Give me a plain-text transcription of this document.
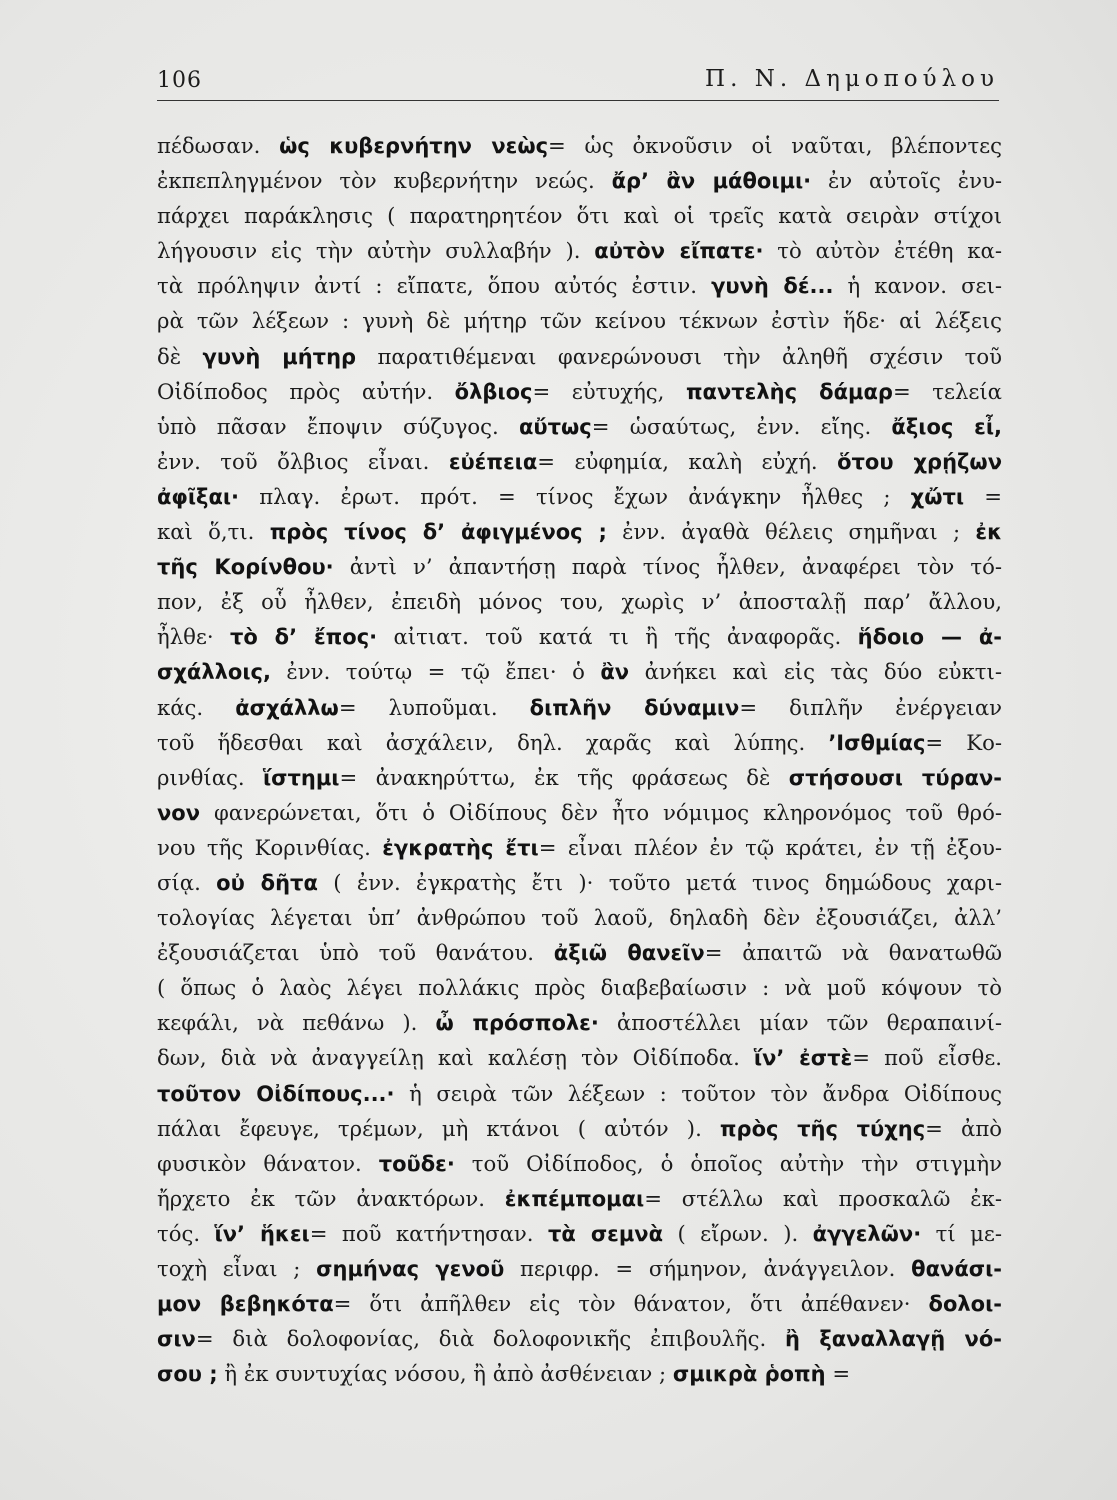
106	Π. Ν. Δημοπούλου
πέδωσαν. ὡς κυβερνήτην νεὼς= ὡς ὀκνοῦσιν οἱ ναῦται, βλέποντες
ἐκπεπληγμένον τὸν κυβερνήτην νεώς. ἄρ’ ἂν μάθοιμι· ἐν αὐτοῖς ἐνυ-
πάρχει παράκλησις ( παρατηρητέον ὅτι καὶ οἱ τρεῖς κατὰ σειρὰν στίχοι
λήγουσιν εἰς τὴν αὐτὴν συλλαβήν ). αὐτὸν εἴπατε· τὸ αὐτὸν ἐτέθη κα-
τὰ πρόληψιν ἀντί : εἴπατε, ὅπου αὐτός ἐστιν. γυνὴ δέ... ἡ κανον. σει-
ρὰ τῶν λέξεων : γυνὴ δὲ μήτηρ τῶν κείνου τέκνων ἐστὶν ἥδε· αἱ λέξεις
δὲ γυνὴ μήτηρ παρατιθέμεναι φανερώνουσι τὴν ἀληθῆ σχέσιν τοῦ
Οἰδίποδος πρὸς αὐτήν. ὄλβιος= εὐτυχής, παντελὴς δάμαρ= τελεία
ὑπὸ πᾶσαν ἔποψιν σύζυγος. αὔτως= ὡσαύτως, ἐνν. εἴης. ἄξιος εἶ,
ἐνν. τοῦ ὄλβιος εἶναι. εὐέπεια= εὐφημία, καλὴ εὐχή. ὅτου χρῄζων
ἀφῖξαι· πλαγ. ἐρωτ. πρότ. = τίνος ἔχων ἀνάγκην ἦλθες ; χὤτι =
καὶ ὅ,τι. πρὸς τίνος δ’ ἀφιγμένος ; ἐνν. ἀγαθὰ θέλεις σημῆναι ; ἐκ
τῆς Κορίνθου· ἀντὶ ν’ ἀπαντήσῃ παρὰ τίνος ἦλθεν, ἀναφέρει τὸν τό-
πον, ἐξ οὗ ἦλθεν, ἐπειδὴ μόνος του, χωρὶς ν’ ἀποσταλῇ παρ’ ἄλλου,
ἦλθε· τὸ δ’ ἔπος· αἰτιατ. τοῦ κατά τι ἢ τῆς ἀναφορᾶς. ἥδοιο — ἀ-
σχάλλοις, ἐνν. τούτῳ = τῷ ἔπει· ὁ ἂν ἀνήκει καὶ εἰς τὰς δύο εὐκτι-
κάς. ἀσχάλλω= λυποῦμαι. διπλῆν δύναμιν= διπλῆν ἐνέργειαν
τοῦ ἥδεσθαι καὶ ἀσχάλειν, δηλ. χαρᾶς καὶ λύπης. ’Ισθμίας= Κο-
ρινθίας. ἵστημι= ἀνακηρύττω, ἐκ τῆς φράσεως δὲ στήσουσι τύραν-
νον φανερώνεται, ὅτι ὁ Οἰδίπους δὲν ἦτο νόμιμος κληρονόμος τοῦ θρό-
νου τῆς Κορινθίας. ἐγκρατὴς ἔτι= εἶναι πλέον ἐν τῷ κράτει, ἐν τῇ ἐξου-
σίᾳ. οὐ δῆτα ( ἐνν. ἐγκρατὴς ἔτι )· τοῦτο μετά τινος δημώδους χαρι-
τολογίας λέγεται ὑπ’ ἀνθρώπου τοῦ λαοῦ, δηλαδὴ δὲν ἐξουσιάζει, ἀλλ’
ἐξουσιάζεται ὑπὸ τοῦ θανάτου. ἀξιῶ θανεῖν= ἀπαιτῶ νὰ θανατωθῶ
( ὅπως ὁ λαὸς λέγει πολλάκις πρὸς διαβεβαίωσιν : νὰ μοῦ κόψουν τὸ
κεφάλι, νὰ πεθάνω ). ὦ πρόσπολε· ἀποστέλλει μίαν τῶν θεραπαινί-
δων, διὰ νὰ ἀναγγείλῃ καὶ καλέσῃ τὸν Οἰδίποδα. ἵν’ ἐστὲ= ποῦ εἶσθε.
τοῦτον Οἰδίπους...· ἡ σειρὰ τῶν λέξεων : τοῦτον τὸν ἄνδρα Οἰδίπους
πάλαι ἔφευγε, τρέμων, μὴ κτάνοι ( αὐτόν ). πρὸς τῆς τύχης= ἀπὸ
φυσικὸν θάνατον. τοῦδε· τοῦ Οἰδίποδος, ὁ ὁποῖος αὐτὴν τὴν στιγμὴν
ἤρχετο ἐκ τῶν ἀνακτόρων. ἐκπέμπομαι= στέλλω καὶ προσκαλῶ ἐκ-
τός. ἵν’ ἥκει= ποῦ κατήντησαν. τὰ σεμνὰ ( εἴρων. ). ἀγγελῶν· τί με-
τοχὴ εἶναι ; σημήνας γενοῦ περιφρ. = σήμηνον, ἀνάγγειλον. θανάσι-
μον βεβηκότα= ὅτι ἀπῆλθεν εἰς τὸν θάνατον, ὅτι ἀπέθανεν· δολοι-
σιν= διὰ δολοφονίας, διὰ δολοφονικῆς ἐπιβουλῆς. ἢ ξαναλλαγῇ νό-
σου ; ἢ ἐκ συντυχίας νόσου, ἢ ἀπὸ ἀσθένειαν ; σμικρὰ ῥοπὴ =
